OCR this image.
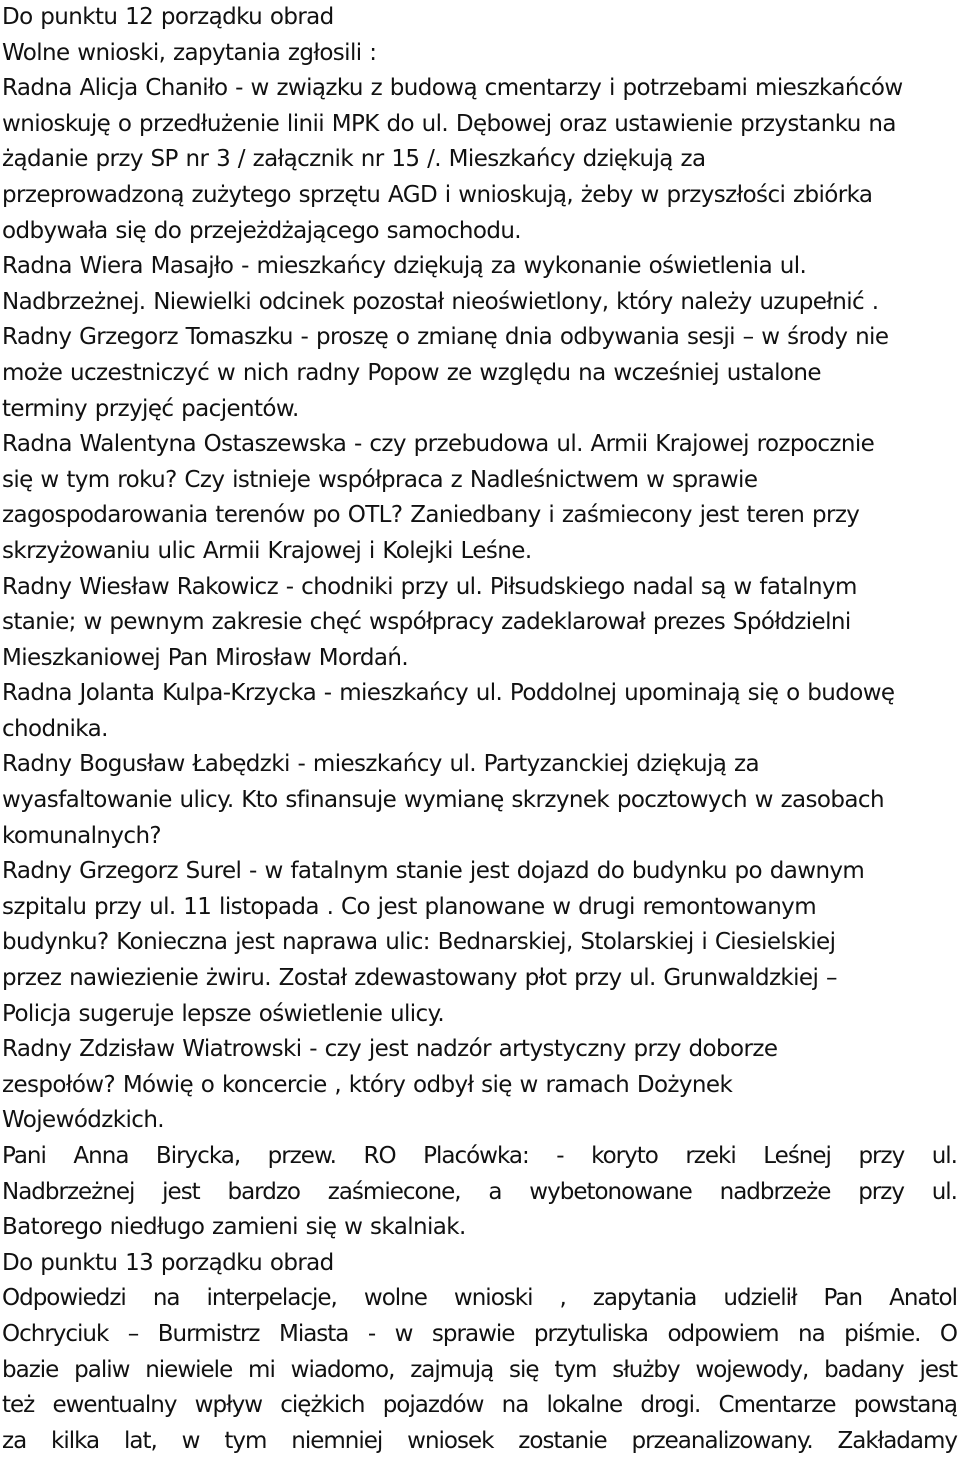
Do punktu 12 porządku obrad
Wolne wnioski, zapytania zgłosili :
Radna Alicja Chaniło - w związku z budową cmentarzy i potrzebami mieszkańców
wnioskuję o przedłużenie linii MPK do ul. Dębowej oraz ustawienie przystanku na
żądanie przy SP nr 3 / załącznik nr 15 /. Mieszkańcy dziękują za
przeprowadzoną zużytego sprzętu AGD i wnioskują, żeby w przyszłości zbiórka
odbywała się do przejeżdżającego samochodu.
Radna Wiera Masajło - mieszkańcy dziękują za wykonanie oświetlenia ul.
Nadbrzeżnej. Niewielki odcinek pozostał nieoświetlony, który należy uzupełnić .
Radny Grzegorz Tomaszku - proszę o zmianę dnia odbywania sesji – w środy nie
może uczestniczyć w nich radny Popow ze względu na wcześniej ustalone
terminy przyjęć pacjentów.
Radna Walentyna Ostaszewska - czy przebudowa ul. Armii Krajowej rozpocznie
się w tym roku? Czy istnieje współpraca z Nadleśnictwem w sprawie
zagospodarowania terenów po OTL? Zaniedbany i zaśmiecony jest teren przy
skrzyżowaniu ulic Armii Krajowej i Kolejki Leśne.
Radny Wiesław Rakowicz - chodniki przy ul. Piłsudskiego nadal są w fatalnym
stanie; w pewnym zakresie chęć współpracy zadeklarował prezes Spółdzielni
Mieszkaniowej Pan Mirosław Mordań.
Radna Jolanta Kulpa-Krzycka - mieszkańcy ul. Poddolnej upominają się o budowę
chodnika.
Radny Bogusław Łabędzki - mieszkańcy ul. Partyzanckiej dziękują za
wyasfaltowanie ulicy. Kto sfinansuje wymianę skrzynek pocztowych w zasobach
komunalnych?
Radny Grzegorz Surel - w fatalnym stanie jest dojazd do budynku po dawnym
szpitalu przy ul. 11 listopada . Co jest planowane w drugi remontowanym
budynku? Konieczna jest naprawa ulic: Bednarskiej, Stolarskiej i Ciesielskiej
przez nawiezienie żwiru. Został zdewastowany płot przy ul. Grunwaldzkiej –
Policja sugeruje lepsze oświetlenie ulicy.
Radny Zdzisław Wiatrowski - czy jest nadzór artystyczny przy doborze
zespołów? Mówię o koncercie , który odbył się w ramach Dożynek
Wojewódzkich.
Pani Anna Birycka, przew. RO Placówka: - koryto rzeki Leśnej przy ul.
Nadbrzeżnej jest bardzo zaśmiecone, a wybetonowane nadbrzeże przy ul.
Batorego niedługo zamieni się w skalniak.
Do punktu 13 porządku obrad
Odpowiedzi na interpelacje, wolne wnioski , zapytania udzielił Pan Anatol
Ochryciuk – Burmistrz Miasta - w sprawie przytuliska odpowiem na piśmie. O
bazie paliw niewiele mi wiadomo, zajmują się tym służby wojewody, badany jest
też ewentualny wpływ ciężkich pojazdów na lokalne drogi. Cmentarze powstaną
za kilka lat, w tym niemniej wniosek zostanie przeanalizowany. Zakładamy
